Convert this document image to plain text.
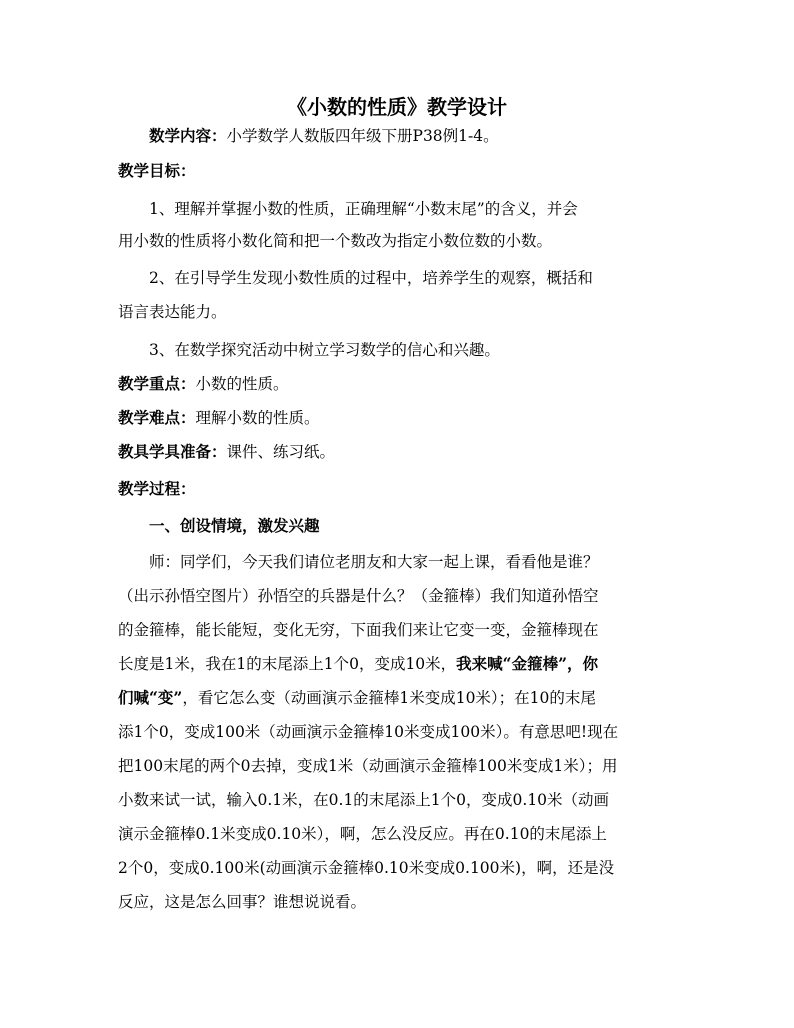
《小数的性质》教学设计
数学内容：小学数学人数版四年级下册P38例1-4。
教学目标：
1、理解并掌握小数的性质，正确理解“小数末尾”的含义，并会
用小数的性质将小数化简和把一个数改为指定小数位数的小数。
2、在引导学生发现小数性质的过程中，培养学生的观察，概括和
语言表达能力。
3、在数学探究活动中树立学习数学的信心和兴趣。
教学重点：小数的性质。
教学难点：理解小数的性质。
教具学具准备：课件、练习纸。
教学过程：
一、创设情境，激发兴趣
师：同学们，今天我们请位老朋友和大家一起上课，看看他是谁？
（出示孙悟空图片）孙悟空的兵器是什么？（金箍棒）我们知道孙悟空
的金箍棒，能长能短，变化无穷，下面我们来让它变一变，金箍棒现在
长度是1米，我在1的末尾添上1个0，变成10米，我来喊“金箍棒”，你
们喊“变”，看它怎么变（动画演示金箍棒1米变成10米）；在10的末尾
添1个0，变成100米（动画演示金箍棒10米变成100米）。有意思吧!现在
把100末尾的两个0去掉，变成1米（动画演示金箍棒100米变成1米）；用
小数来试一试，输入0.1米，在0.1的末尾添上1个0，变成0.10米（动画
演示金箍棒0.1米变成0.10米），啊，怎么没反应。再在0.10的末尾添上
2个0，变成0.100米(动画演示金箍棒0.10米变成0.100米)，啊，还是没
反应，这是怎么回事？谁想说说看。
